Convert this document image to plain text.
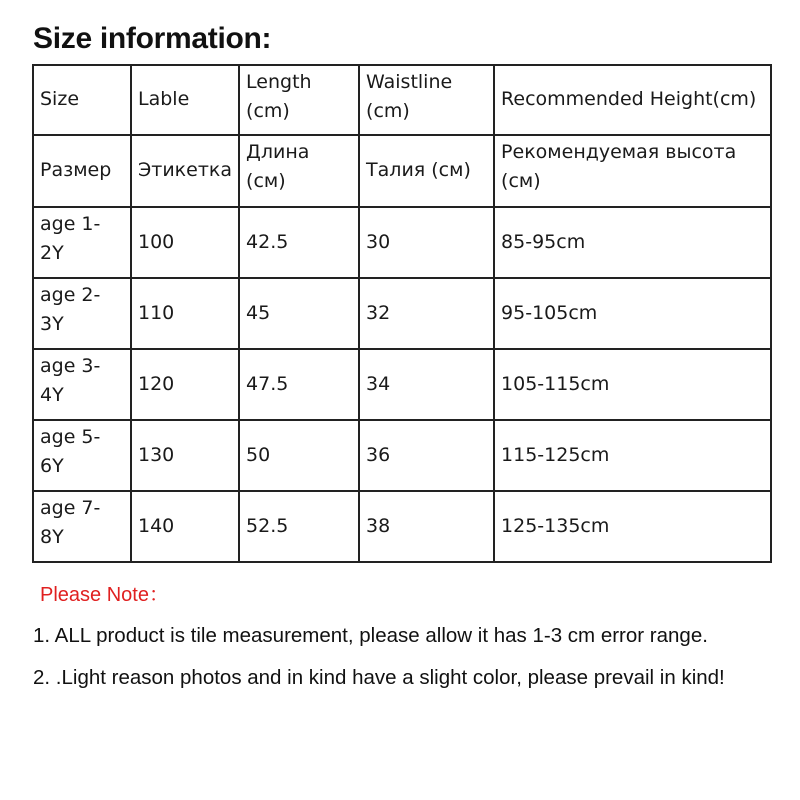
Size information:
Size	Lable	Length (cm)	Waistline (cm)	Recommended Height(cm)
Размер	Этикетка	Длина (см)	Талия (см)	Рекомендуемая высота (см)
age 1-2Y	100	42.5	30	85-95cm
age 2-3Y	110	45	32	95-105cm
age 3-4Y	120	47.5	34	105-115cm
age 5-6Y	130	50	36	115-125cm
age 7-8Y	140	52.5	38	125-135cm
Please Note：

1. ALL product is tile measurement, please allow it has 1-3 cm error range.

2. .Light reason photos and in kind have a slight color, please prevail in kind!
